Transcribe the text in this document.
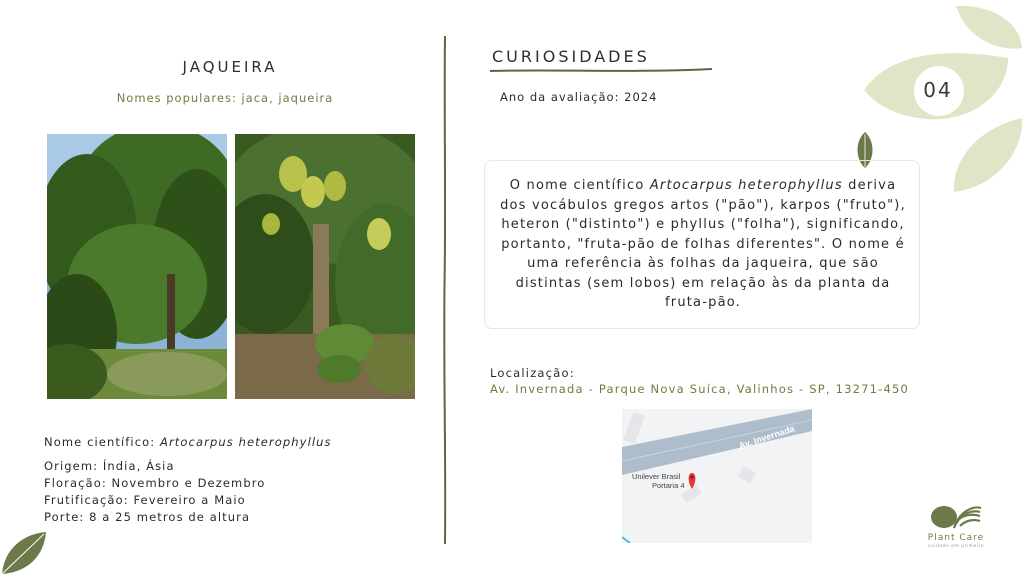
04
JAQUEIRA
Nomes populares: jaca, jaqueira
Nome científico: Artocarpus heterophyllus
Origem: Índia, Ásia
Floração: Novembro e Dezembro
Frutificação: Fevereiro a Maio
Porte: 8 a 25 metros de altura
CURIOSIDADES
Ano da avaliação: 2024
O nome científico Artocarpus heterophyllus deriva dos vocábulos gregos artos ("pão"), karpos ("fruto"), heteron ("distinto") e phyllus ("folha"), significando, portanto, "fruta-pão de folhas diferentes". O nome é uma referência às folhas da jaqueira, que são distintas (sem lobos) em relação às da planta da fruta-pão.
Localização:
Av. Invernada - Parque Nova Suíca, Valinhos - SP, 13271-450
Av. Invernada
Unilever Brasil
Portaria 4
Plant Care
cuidado em primeiro
